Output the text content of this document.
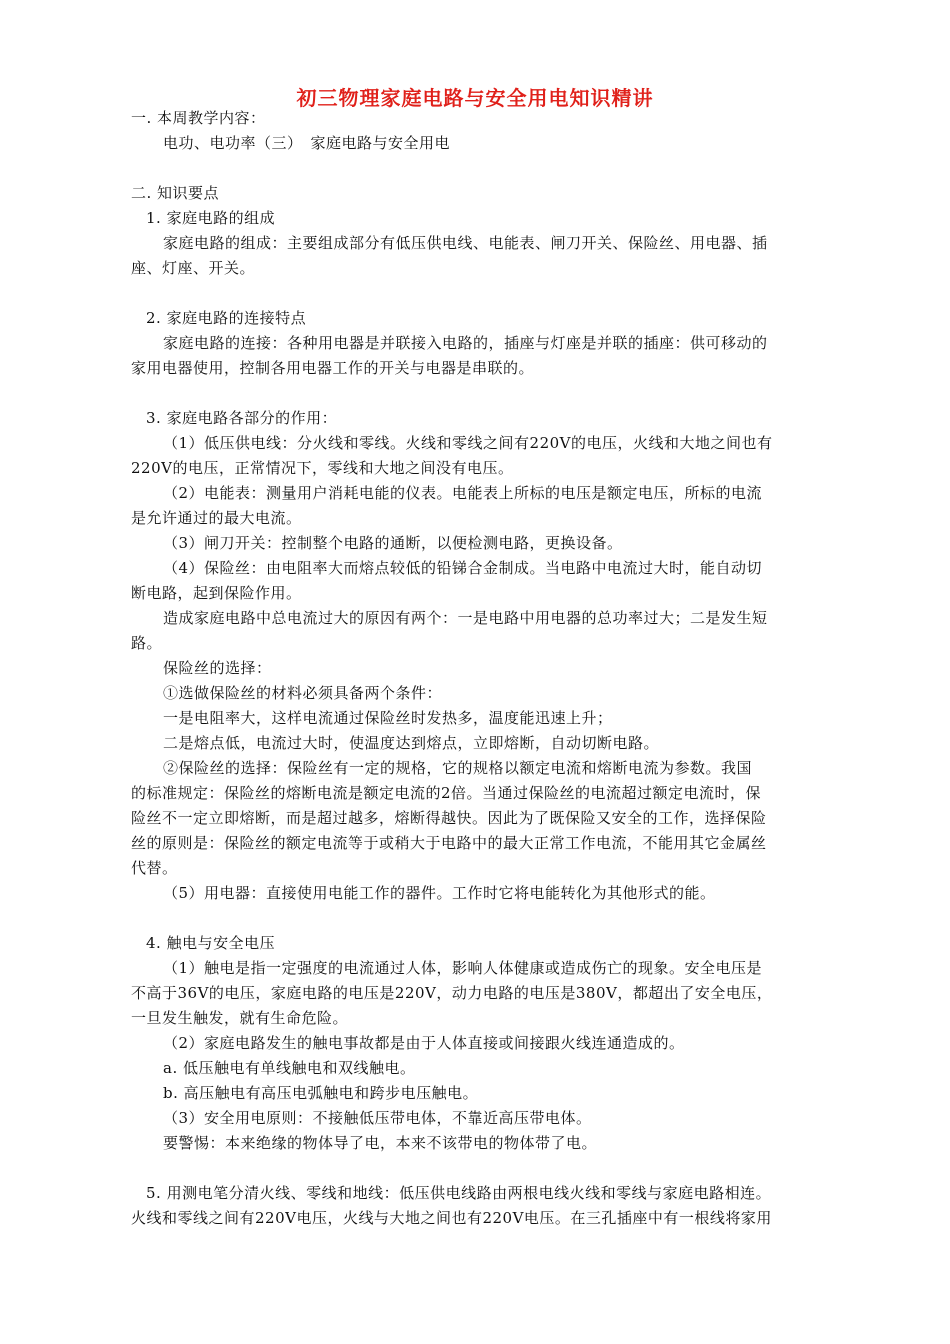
初三物理家庭电路与安全用电知识精讲
一. 本周教学内容：
电功、电功率（三）　家庭电路与安全用电
二. 知识要点
1. 家庭电路的组成
家庭电路的组成：主要组成部分有低压供电线、电能表、闸刀开关、保险丝、用电器、插
座、灯座、开关。
2. 家庭电路的连接特点
家庭电路的连接：各种用电器是并联接入电路的，插座与灯座是并联的插座：供可移动的
家用电器使用，控制各用电器工作的开关与电器是串联的。
3. 家庭电路各部分的作用：
（1）低压供电线：分火线和零线。火线和零线之间有220V的电压，火线和大地之间也有
220V的电压，正常情况下，零线和大地之间没有电压。
（2）电能表：测量用户消耗电能的仪表。电能表上所标的电压是额定电压，所标的电流
是允许通过的最大电流。
（3）闸刀开关：控制整个电路的通断，以便检测电路，更换设备。
（4）保险丝：由电阻率大而熔点较低的铅锑合金制成。当电路中电流过大时，能自动切
断电路，起到保险作用。
造成家庭电路中总电流过大的原因有两个：一是电路中用电器的总功率过大；二是发生短
路。
保险丝的选择：
①选做保险丝的材料必须具备两个条件：
一是电阻率大，这样电流通过保险丝时发热多，温度能迅速上升；
二是熔点低，电流过大时，使温度达到熔点，立即熔断，自动切断电路。
②保险丝的选择：保险丝有一定的规格，它的规格以额定电流和熔断电流为参数。我国
的标准规定：保险丝的熔断电流是额定电流的2倍。当通过保险丝的电流超过额定电流时，保
险丝不一定立即熔断，而是超过越多，熔断得越快。因此为了既保险又安全的工作，选择保险
丝的原则是：保险丝的额定电流等于或稍大于电路中的最大正常工作电流，不能用其它金属丝
代替。
（5）用电器：直接使用电能工作的器件。工作时它将电能转化为其他形式的能。
4. 触电与安全电压
（1）触电是指一定强度的电流通过人体，影响人体健康或造成伤亡的现象。安全电压是
不高于36V的电压，家庭电路的电压是220V，动力电路的电压是380V，都超出了安全电压，
一旦发生触发，就有生命危险。
（2）家庭电路发生的触电事故都是由于人体直接或间接跟火线连通造成的。
a. 低压触电有单线触电和双线触电。
b. 高压触电有高压电弧触电和跨步电压触电。
（3）安全用电原则：不接触低压带电体，不靠近高压带电体。
要警惕：本来绝缘的物体导了电，本来不该带电的物体带了电。
5. 用测电笔分清火线、零线和地线：低压供电线路由两根电线火线和零线与家庭电路相连。
火线和零线之间有220V电压，火线与大地之间也有220V电压。在三孔插座中有一根线将家用
